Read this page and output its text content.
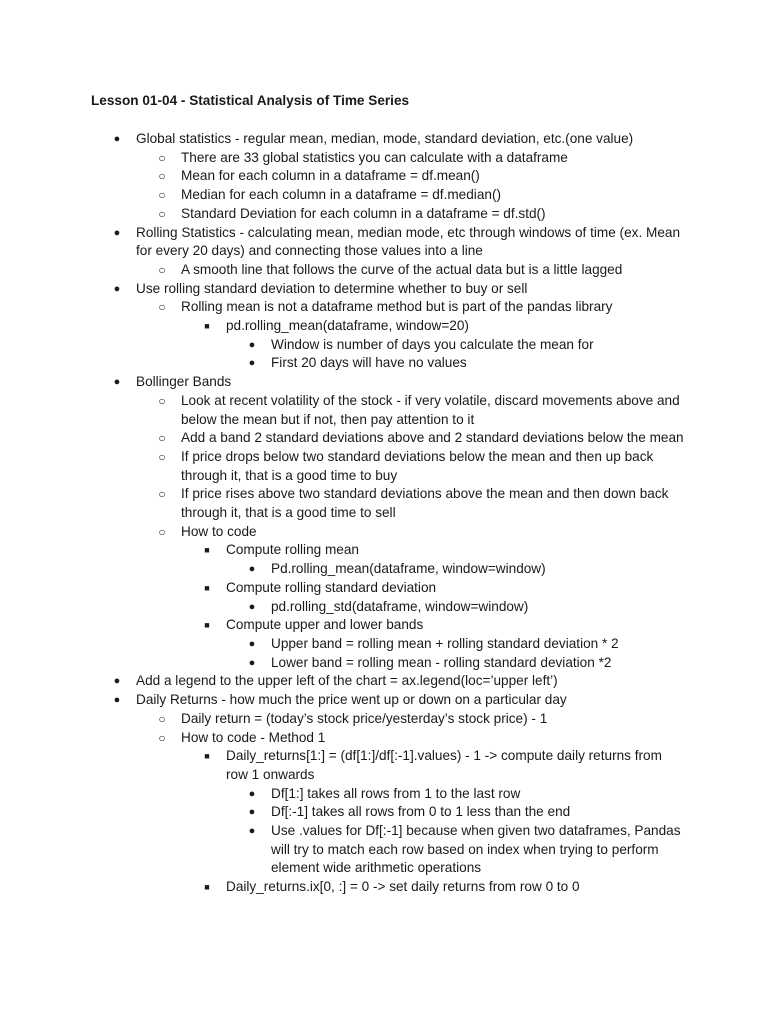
Lesson 01-04 - Statistical Analysis of Time Series
● Global statistics - regular mean, median, mode, standard deviation, etc.(one value)
○ There are 33 global statistics you can calculate with a dataframe
○ Mean for each column in a dataframe = df.mean()
○ Median for each column in a dataframe = df.median()
○ Standard Deviation for each column in a dataframe = df.std()
● Rolling Statistics - calculating mean, median mode, etc through windows of time (ex. Mean for every 20 days) and connecting those values into a line
○ A smooth line that follows the curve of the actual data but is a little lagged
● Use rolling standard deviation to determine whether to buy or sell
○ Rolling mean is not a dataframe method but is part of the pandas library
■	pd.rolling_mean(dataframe, window=20)
● Window is number of days you calculate the mean for
● First 20 days will have no values
● Bollinger Bands
○ Look at recent volatility of the stock - if very volatile, discard movements above and below the mean but if not, then pay attention to it
○ Add a band 2 standard deviations above and 2 standard deviations below the mean
○ If price drops below two standard deviations below the mean and then up back through it, that is a good time to buy
○ If price rises above two standard deviations above the mean and then down back through it, that is a good time to sell
○ How to code
■	Compute rolling mean
● Pd.rolling_mean(dataframe, window=window)
■	Compute rolling standard deviation
● pd.rolling_std(dataframe, window=window)
■	Compute upper and lower bands
● Upper band = rolling mean + rolling standard deviation * 2
● Lower band = rolling mean - rolling standard deviation *2
● Add a legend to the upper left of the chart = ax.legend(loc=’upper left’)
● Daily Returns - how much the price went up or down on a particular day
○ Daily return = (today’s stock price/yesterday’s stock price) - 1
○ How to code - Method 1
■	Daily_returns[1:] = (df[1:]/df[:-1].values) - 1 -> compute daily returns from row 1 onwards
● Df[1:] takes all rows from 1 to the last row
● Df[:-1] takes all rows from 0 to 1 less than the end
● Use .values for Df[:-1] because when given two dataframes, Pandas will try to match each row based on index when trying to perform element wide arithmetic operations
■	Daily_returns.ix[0, :] = 0 -> set daily returns from row 0 to 0
